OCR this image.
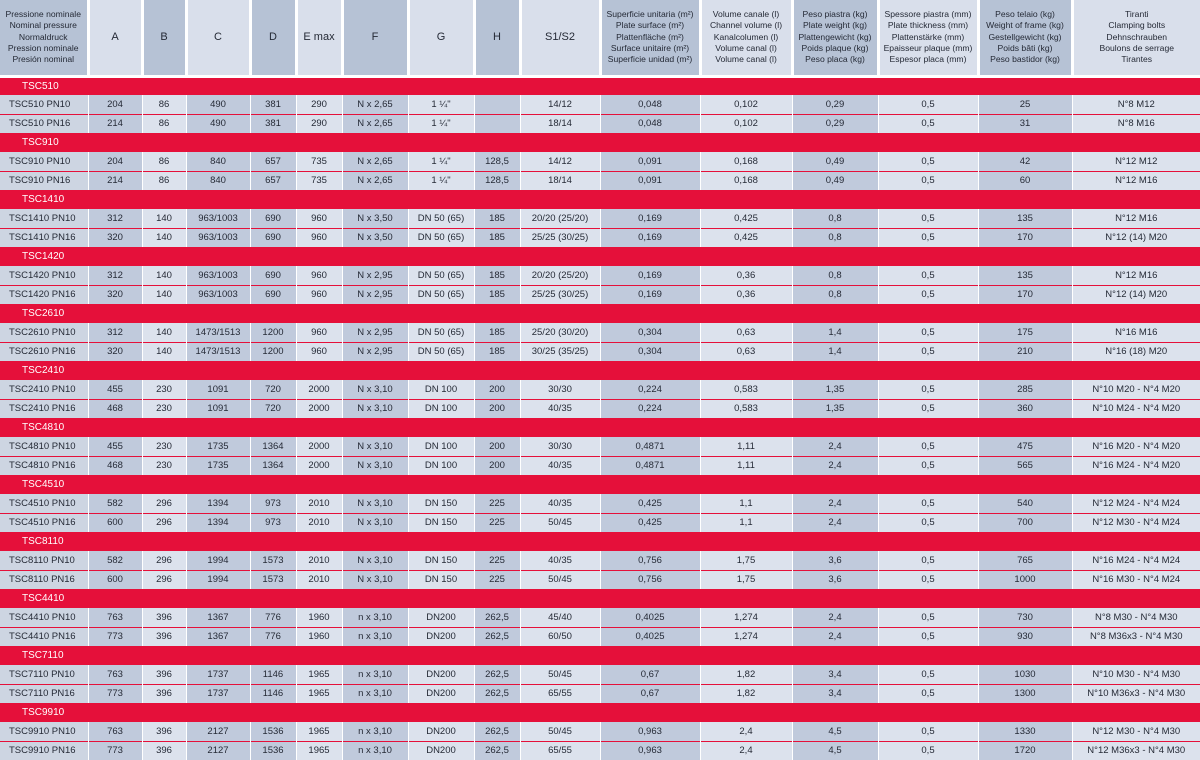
Pressione nominale
Nominal pressure
Normaldruck
Pression nominale
Presión nominal	A	B	C	D	E max	F	G	H	S1/S2	Superficie unitaria (m²)
Plate surface (m²)
Plattenfläche (m²)
Surface unitaire (m²)
Superficie unidad (m²)	Volume canale (l)
Channel volume (l)
Kanalcolumen (l)
Volume canal (l)
Volume canal (l)	Peso piastra (kg)
Plate weight (kg)
Plattengewicht (kg)
Poids plaque (kg)
Peso placa (kg)	Spessore piastra (mm)
Plate thickness (mm)
Plattenstärke (mm)
Epaisseur plaque (mm)
Espesor placa (mm)	Peso telaio (kg)
Weight of frame (kg)
Gestellgewicht (kg)
Poids bâti (kg)
Peso bastidor (kg)	Tiranti
Clamping bolts
Dehnschrauben
Boulons de serrage
Tirantes
TSC510															
TSC510 PN10	204	86	490	381	290	N x 2,65	1 ¼"		14/12	0,048	0,102	0,29	0,5	25	N°8 M12
TSC510 PN16	214	86	490	381	290	N x 2,65	1 ¼"		18/14	0,048	0,102	0,29	0,5	31	N°8 M16
TSC910															
TSC910 PN10	204	86	840	657	735	N x 2,65	1 ¼"	128,5	14/12	0,091	0,168	0,49	0,5	42	N°12 M12
TSC910 PN16	214	86	840	657	735	N x 2,65	1 ¼"	128,5	18/14	0,091	0,168	0,49	0,5	60	N°12 M16
TSC1410															
TSC1410 PN10	312	140	963/1003	690	960	N x 3,50	DN 50 (65)	185	20/20 (25/20)	0,169	0,425	0,8	0,5	135	N°12 M16
TSC1410 PN16	320	140	963/1003	690	960	N x 3,50	DN 50 (65)	185	25/25 (30/25)	0,169	0,425	0,8	0,5	170	N°12 (14) M20
TSC1420															
TSC1420 PN10	312	140	963/1003	690	960	N x 2,95	DN 50 (65)	185	20/20 (25/20)	0,169	0,36	0,8	0,5	135	N°12 M16
TSC1420 PN16	320	140	963/1003	690	960	N x 2,95	DN 50 (65)	185	25/25 (30/25)	0,169	0,36	0,8	0,5	170	N°12 (14) M20
TSC2610															
TSC2610 PN10	312	140	1473/1513	1200	960	N x 2,95	DN 50 (65)	185	25/20 (30/20)	0,304	0,63	1,4	0,5	175	N°16 M16
TSC2610 PN16	320	140	1473/1513	1200	960	N x 2,95	DN 50 (65)	185	30/25 (35/25)	0,304	0,63	1,4	0,5	210	N°16 (18) M20
TSC2410															
TSC2410 PN10	455	230	1091	720	2000	N x 3,10	DN 100	200	30/30	0,224	0,583	1,35	0,5	285	N°10 M20 - N°4 M20
TSC2410 PN16	468	230	1091	720	2000	N x 3,10	DN 100	200	40/35	0,224	0,583	1,35	0,5	360	N°10 M24 - N°4 M20
TSC4810															
TSC4810 PN10	455	230	1735	1364	2000	N x 3,10	DN 100	200	30/30	0,4871	1,11	2,4	0,5	475	N°16 M20 - N°4 M20
TSC4810 PN16	468	230	1735	1364	2000	N x 3,10	DN 100	200	40/35	0,4871	1,11	2,4	0,5	565	N°16 M24 - N°4 M20
TSC4510															
TSC4510 PN10	582	296	1394	973	2010	N x 3,10	DN 150	225	40/35	0,425	1,1	2,4	0,5	540	N°12 M24 - N°4 M24
TSC4510 PN16	600	296	1394	973	2010	N x 3,10	DN 150	225	50/45	0,425	1,1	2,4	0,5	700	N°12 M30 - N°4 M24
TSC8110															
TSC8110 PN10	582	296	1994	1573	2010	N x 3,10	DN 150	225	40/35	0,756	1,75	3,6	0,5	765	N°16 M24 - N°4 M24
TSC8110 PN16	600	296	1994	1573	2010	N x 3,10	DN 150	225	50/45	0,756	1,75	3,6	0,5	1000	N°16 M30 - N°4 M24
TSC4410															
TSC4410 PN10	763	396	1367	776	1960	n x 3,10	DN200	262,5	45/40	0,4025	1,274	2,4	0,5	730	N°8 M30 - N°4 M30
TSC4410 PN16	773	396	1367	776	1960	n x 3,10	DN200	262,5	60/50	0,4025	1,274	2,4	0,5	930	N°8 M36x3 - N°4 M30
TSC7110															
TSC7110 PN10	763	396	1737	1146	1965	n x 3,10	DN200	262,5	50/45	0,67	1,82	3,4	0,5	1030	N°10 M30 - N°4 M30
TSC7110 PN16	773	396	1737	1146	1965	n x 3,10	DN200	262,5	65/55	0,67	1,82	3,4	0,5	1300	N°10 M36x3 - N°4 M30
TSC9910															
TSC9910 PN10	763	396	2127	1536	1965	n x 3,10	DN200	262,5	50/45	0,963	2,4	4,5	0,5	1330	N°12 M30 - N°4 M30
TSC9910 PN16	773	396	2127	1536	1965	n x 3,10	DN200	262,5	65/55	0,963	2,4	4,5	0,5	1720	N°12 M36x3 - N°4 M30
